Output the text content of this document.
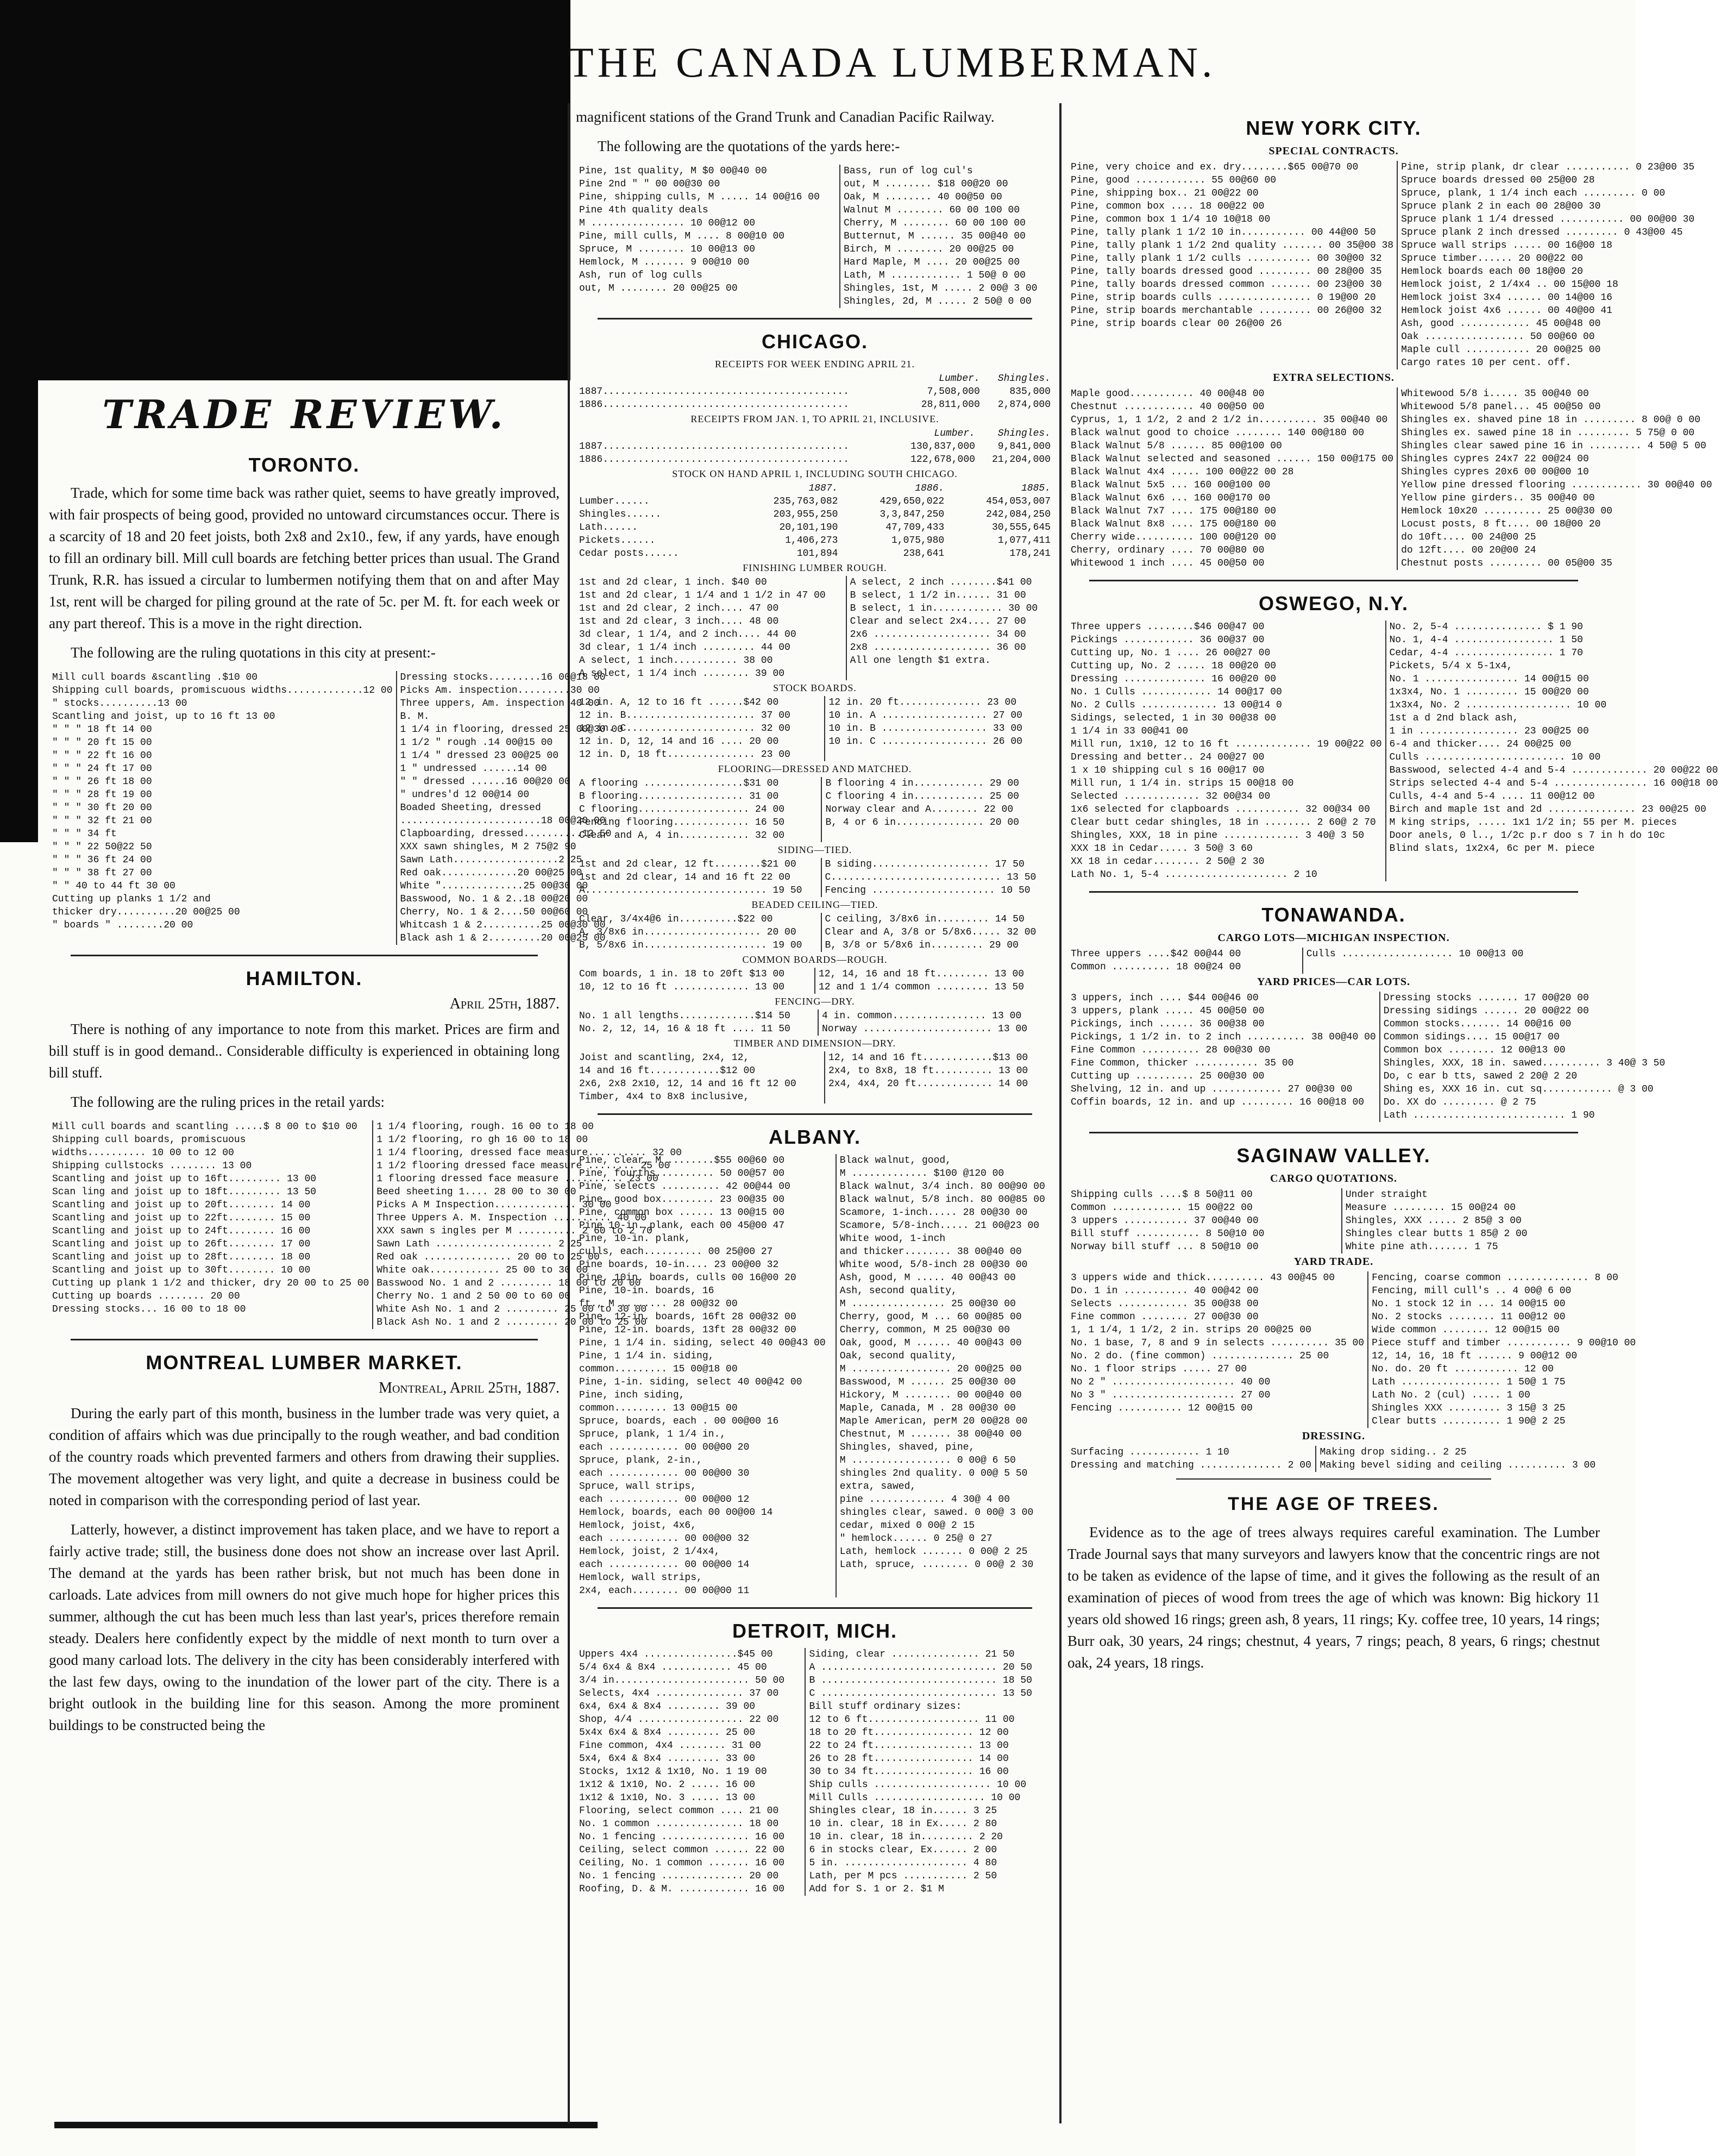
THE CANADA LUMBERMAN.
TRADE REVIEW.
TORONTO.

Trade, which for some time back was rather quiet, seems to have greatly improved, with fair prospects of being good, provided no untoward circumstances occur. There is a scarcity of 18 and 20 feet joists, both 2x8 and 2x10., few, if any yards, have enough to fill an ordinary bill. Mill cull boards are fetching better prices than usual. The Grand Trunk, R.R. has issued a circular to lumbermen notifying them that on and after May 1st, rent will be charged for piling ground at the rate of 5c. per M. ft. for each week or any part thereof. This is a move in the right direction.

The following are the ruling quotations in this city at present:-

Mill cull boards &scantling .$10 00	Dressing stocks.........16 00@18 00
Shipping cull boards, promiscuous widths.............12 00	Picks Am. inspection.........30 00
" stocks..........13 00	Three uppers, Am. inspection 40 00
Scantling and joist, up to 16 ft 13 00	B. M.
" " " 18 ft 14 00	1 1/4 in flooring, dressed 25 00@30 00
" " " 20 ft 15 00	1 1/2 " rough .14 00@15 00
" " " 22 ft 16 00	1 1/4 " dressed 23 00@25 00
" " " 24 ft 17 00	1 " undressed ......14 00
" " " 26 ft 18 00	" " dressed ......16 00@20 00
" " " 28 ft 19 00	" undres'd 12 00@14 00
" " " 30 ft 20 00	Boaded Sheeting, dressed
" " " 32 ft 21 00	........................18 00@20 00
" " " 34 ft	Clapboarding, dressed..........12 50
" " " 22 50@22 50	XXX sawn shingles, M 2 75@2 90
" " " 36 ft 24 00	Sawn Lath..................2 25
" " " 38 ft 27 00	Red oak.............20 00@25 00
" " 40 to 44 ft 30 00	White "..............25 00@30 00
Cutting up planks 1 1/2 and	Basswood, No. 1 & 2..18 00@20 00
thicker dry..........20 00@25 00	Cherry, No. 1 & 2....50 00@60 00
" boards " ........20 00	Whitcash 1 & 2..........25 00@30 00
	Black ash 1 & 2.........20 00@25 00
HAMILTON.
April 25th, 1887.

There is nothing of any importance to note from this market. Prices are firm and bill stuff is in good demand.. Considerable difficulty is experienced in obtaining long bill stuff.

The following are the ruling prices in the retail yards:

Mill cull boards and scantling .....$ 8 00 to $10 00	1 1/4 flooring, rough. 16 00 to 18 00
Shipping cull boards, promiscuous	1 1/2 flooring, ro gh 16 00 to 18 00
widths.......... 10 00 to 12 00	1 1/4 flooring, dressed face measure.......... 32 00
Shipping cullstocks ........ 13 00	1 1/2 flooring dressed face measure ........ 25 00
Scantling and joist up to 16ft......... 13 00	1 flooring dressed face measure .......... 23 00
Scan ling and joist up to 18ft......... 13 50	Beed sheeting 1.... 28 00 to 30 00
Scantling and joist up to 20ft........ 14 00	Picks A M Inspection.............. 30 00
Scantling and joist up to 22ft........ 15 00	Three Uppers A. M. Inspection .......... 40 00
Scantling and joist up to 24ft........ 16 00	XXX sawn s ingles per M .......... 2 60 to 2 70
Scantling and joist up to 26ft........ 17 00	Sawn Lath .................... 2 25
Scantling and joist up to 28ft........ 18 00	Red oak ............... 20 00 to 25 00
Scantling and joist up to 30ft........ 10 00	White oak............ 25 00 to 30 00
Cutting up plank 1 1/2 and thicker, dry 20 00 to 25 00	Basswood No. 1 and 2 ......... 18 00 to 20 00
Cutting up boards ........ 20 00	Cherry No. 1 and 2 50 00 to 60 00
Dressing stocks... 16 00 to 18 00	White Ash No. 1 and 2 ......... 25 00 to 30 00
	Black Ash No. 1 and 2 ......... 20 00 to 25 00
MONTREAL LUMBER MARKET.
Montreal, April 25th, 1887.

During the early part of this month, business in the lumber trade was very quiet, a condition of affairs which was due principally to the rough weather, and bad condition of the country roads which prevented farmers and others from drawing their supplies. The movement altogether was very light, and quite a decrease in business could be noted in comparison with the corresponding period of last year.

Latterly, however, a distinct improvement has taken place, and we have to report a fairly active trade; still, the business done does not show an increase over last April. The demand at the yards has been rather brisk, but not much has been done in carloads. Late advices from mill owners do not give much hope for higher prices this summer, although the cut has been much less than last year's, prices therefore remain steady. Dealers here confidently expect by the middle of next month to turn over a good many carload lots. The delivery in the city has been considerably interfered with the last few days, owing to the inundation of the lower part of the city. There is a bright outlook in the building line for this season. Among the more prominent buildings to be constructed being the

magnificent stations of the Grand Trunk and Canadian Pacific Railway.

The following are the quotations of the yards here:-

Pine, 1st quality, M $0 00@40 00	Bass, run of log cul's
Pine 2nd " " 00 00@30 00	out, M ........ $18 00@20 00
Pine, shipping culls, M ..... 14 00@16 00	Oak, M ........ 40 00@50 00
Pine 4th quality deals	Walnut M ........ 60 00 100 00
M ................ 10 00@12 00	Cherry, M ........ 60 00 100 00
Pine, mill culls, M .... 8 00@10 00	Butternut, M ...... 35 00@40 00
Spruce, M ........ 10 00@13 00	Birch, M ........ 20 00@25 00
Hemlock, M ....... 9 00@10 00	Hard Maple, M .... 20 00@25 00
Ash, run of log culls	Lath, M ............ 1 50@ 0 00
out, M ........ 20 00@25 00	Shingles, 1st, M ..... 2 00@ 3 00
	Shingles, 2d, M ..... 2 50@ 0 00
CHICAGO.
RECEIPTS FOR WEEK ENDING APRIL 21.
	Lumber.	Shingles.
1887..........................................	7,508,000	835,000
1886..........................................	28,811,000	2,874,000
RECEIPTS FROM JAN. 1, TO APRIL 21, INCLUSIVE.
	Lumber.	Shingles.
1887..........................................	130,837,000	9,841,000
1886..........................................	122,678,000	21,204,000
STOCK ON HAND APRIL 1, INCLUDING SOUTH CHICAGO.
	1887.	1886.	1885.
Lumber......	235,763,082	429,650,022	454,053,007
Shingles......	203,955,250	3,3,847,250	242,084,250
Lath......	20,101,190	47,709,433	30,555,645
Pickets......	1,406,273	1,075,980	1,077,411
Cedar posts......	101,894	238,641	178,241
FINISHING LUMBER ROUGH.
1st and 2d clear, 1 inch. $40 00	A select, 2 inch ........$41 00
1st and 2d clear, 1 1/4 and 1 1/2 in 47 00	B select, 1 1/2 in...... 31 00
1st and 2d clear, 2 inch.... 47 00	B select, 1 in............ 30 00
1st and 2d clear, 3 inch.... 48 00	Clear and select 2x4.... 27 00
3d clear, 1 1/4, and 2 inch.... 44 00	2x6 .................... 34 00
3d clear, 1 1/4 inch ......... 44 00	2x8 .................... 36 00
A select, 1 inch........... 38 00	All one length $1 extra.
A select, 1 1/4 inch ........ 39 00	
STOCK BOARDS.
12 in. A, 12 to 16 ft ......$42 00	12 in. 20 ft.............. 23 00
12 in. B...................... 37 00	10 in. A .................. 27 00
12 in. C...................... 32 00	10 in. B .................. 33 00
12 in. D, 12, 14 and 16 .... 20 00	10 in. C .................. 26 00
12 in. D, 18 ft............... 23 00	
FLOORING—DRESSED AND MATCHED.
A flooring .................$31 00	B flooring 4 in............ 29 00
B flooring.................. 31 00	C flooring 4 in............ 25 00
C flooring................... 24 00	Norway clear and A........ 22 00
Fencing flooring............. 16 50	B, 4 or 6 in............... 20 00
Clear and A, 4 in............ 32 00	
SIDING—TIED.
1st and 2d clear, 12 ft........$21 00	B siding.................... 17 50
1st and 2d clear, 14 and 16 ft 22 00	C............................. 13 50
A............................... 19 50	Fencing ..................... 10 50
BEADED CEILING—TIED.
Clear, 3/4x4@6 in..........$22 00	C ceiling, 3/8x6 in......... 14 50
A, 3/8x6 in.................... 20 00	Clear and A, 3/8 or 5/8x6..... 32 00
B, 5/8x6 in..................... 19 00	B, 3/8 or 5/8x6 in......... 29 00
COMMON BOARDS—ROUGH.
Com boards, 1 in. 18 to 20ft $13 00	12, 14, 16 and 18 ft......... 13 00
10, 12 to 16 ft ............. 13 00	12 and 1 1/4 common ......... 13 50
FENCING—DRY.
No. 1 all lengths.............$14 50	4 in. common................ 13 00
No. 2, 12, 14, 16 & 18 ft .... 11 50	Norway ...................... 13 00
TIMBER AND DIMENSION—DRY.
Joist and scantling, 2x4, 12,	12, 14 and 16 ft............$13 00
14 and 16 ft............$12 00	2x4, to 8x8, 18 ft.......... 13 00
2x6, 2x8 2x10, 12, 14 and 16 ft 12 00	2x4, 4x4, 20 ft............. 14 00
Timber, 4x4 to 8x8 inclusive,	
ALBANY.
Pine, clear, M ........$55 00@60 00	Black walnut, good,
Pine, fourths.......... 50 00@57 00	M ............. $100 @120 00
Pine, selects .......... 42 00@44 00	Black walnut, 3/4 inch. 80 00@90 00
Pine, good box......... 23 00@35 00	Black walnut, 5/8 inch. 80 00@85 00
Pine, common box ...... 13 00@15 00	Scamore, 1-inch..... 28 00@30 00
Pine 10-in. plank, each 00 45@00 47	Scamore, 5/8-inch..... 21 00@23 00
Pine, 10-in. plank,	White wood, 1-inch
culls, each.......... 00 25@00 27	and thicker........ 38 00@40 00
Pine boards, 10-in.... 23 00@00 32	White wood, 5/8-inch 28 00@30 00
Pine, 10in. boards, culls 00 16@00 20	Ash, good, M ..... 40 00@43 00
Pine, 10-in. boards, 16	Ash, second quality,
ft., M ........ 28 00@32 00	M ................ 25 00@30 00
Pine, 12-in. boards, 16ft 28 00@32 00	Cherry, good, M ... 60 00@85 00
Pine, 12-in. boards, 13ft 28 00@32 00	Cherry, common, M 25 00@30 00
Pine, 1 1/4 in. siding, select 40 00@43 00	Oak, good, M ...... 40 00@43 00
Pine, 1 1/4 in. siding,	Oak, second quality,
common......... 15 00@18 00	M ................. 20 00@25 00
Pine, 1-in. siding, select 40 00@42 00	Basswood, M ...... 25 00@30 00
Pine, inch siding,	Hickory, M ........ 00 00@40 00
common......... 13 00@15 00	Maple, Canada, M . 28 00@30 00
Spruce, boards, each . 00 00@00 16	Maple American, perM 20 00@28 00
Spruce, plank, 1 1/4 in.,	Chestnut, M ....... 38 00@40 00
each ............ 00 00@00 20	Shingles, shaved, pine,
Spruce, plank, 2-in.,	M ................. 0 00@ 6 50
each ............ 00 00@00 30	shingles 2nd quality. 0 00@ 5 50
Spruce, wall strips,	extra, sawed,
each ............ 00 00@00 12	pine ............. 4 30@ 4 00
Hemlock, boards, each 00 00@00 14	shingles clear, sawed. 0 00@ 3 00
Hemlock, joist, 4x6,	cedar, mixed 0 00@ 2 15
each ............ 00 00@00 32	" hemlock...... 0 25@ 0 27
Hemlock, joist, 2 1/4x4,	Lath, hemlock ....... 0 00@ 2 25
each ............ 00 00@00 14	Lath, spruce, ........ 0 00@ 2 30
Hemlock, wall strips,	
2x4, each........ 00 00@00 11	
DETROIT, MICH.
Uppers 4x4 ................$45 00	Siding, clear ............... 21 50
5/4 6x4 & 8x4 ............ 45 00	A .............................. 20 50
3/4 in....................... 50 00	B .............................. 18 50
Selects, 4x4 ............... 37 00	C .............................. 13 50
6x4, 6x4 & 8x4 ......... 39 00	Bill stuff ordinary sizes:
Shop, 4/4 .................. 22 00	12 to 6 ft................... 11 00
5x4x 6x4 & 8x4 ......... 25 00	18 to 20 ft................. 12 00
Fine common, 4x4 ........ 31 00	22 to 24 ft................. 13 00
5x4, 6x4 & 8x4 ......... 33 00	26 to 28 ft................. 14 00
Stocks, 1x12 & 1x10, No. 1 19 00	30 to 34 ft................. 16 00
1x12 & 1x10, No. 2 ..... 16 00	Ship culls .................... 10 00
1x12 & 1x10, No. 3 ..... 13 00	Mill Culls ................... 10 00
Flooring, select common .... 21 00	Shingles clear, 18 in...... 3 25
No. 1 common ............... 18 00	10 in. clear, 18 in Ex..... 2 80
No. 1 fencing ............... 16 00	10 in. clear, 18 in......... 2 20
Ceiling, select common ...... 22 00	6 in stocks clear, Ex...... 2 00
Ceiling, No. 1 common ....... 16 00	5 in. ..................... 4 80
No. 1 fencing .............. 20 00	Lath, per M pcs ........... 2 50
Roofing, D. & M. ............ 16 00	Add for S. 1 or 2. $1 M
NEW YORK CITY.
SPECIAL CONTRACTS.
Pine, very choice and ex. dry........$65 00@70 00	Pine, strip plank, dr clear ........... 0 23@00 35
Pine, good ............ 55 00@60 00	Spruce boards dressed 00 25@00 28
Pine, shipping box.. 21 00@22 00	Spruce, plank, 1 1/4 inch each ......... 0 00
Pine, common box .... 18 00@22 00	Spruce plank 2 in each 00 28@00 30
Pine, common box 1 1/4 10 10@18 00	Spruce plank 1 1/4 dressed ........... 00 00@00 30
Pine, tally plank 1 1/2 10 in........... 00 44@00 50	Spruce plank 2 inch dressed ......... 0 43@00 45
Pine, tally plank 1 1/2 2nd quality ....... 00 35@00 38	Spruce wall strips ..... 00 16@00 18
Pine, tally plank 1 1/2 culls ........... 00 30@00 32	Spruce timber...... 20 00@22 00
Pine, tally boards dressed good ......... 00 28@00 35	Hemlock boards each 00 18@00 20
Pine, tally boards dressed common ....... 00 23@00 30	Hemlock joist, 2 1/4x4 .. 00 15@00 18
Pine, strip boards culls ................ 0 19@00 20	Hemlock joist 3x4 ...... 00 14@00 16
Pine, strip boards merchantable ......... 00 26@00 32	Hemlock joist 4x6 ...... 00 40@00 41
Pine, strip boards clear 00 26@00 26	Ash, good ............ 45 00@48 00
	Oak ................. 50 00@60 00
	Maple cull ........... 20 00@25 00
	Cargo rates 10 per cent. off.
EXTRA SELECTIONS.
Maple good........... 40 00@48 00	Whitewood 5/8 i..... 35 00@40 00
Chestnut ............ 40 00@50 00	Whitewood 5/8 panel... 45 00@50 00
Cyprus, 1, 1 1/2, 2 and 2 1/2 in.......... 35 00@40 00	Shingles ex. shaved pine 18 in ......... 8 00@ 0 00
Black walnut good to choice ........ 140 00@180 00	Shingles ex. sawed pine 18 in ......... 5 75@ 0 00
Black Walnut 5/8 ...... 85 00@100 00	Shingles clear sawed pine 16 in ......... 4 50@ 5 00
Black Walnut selected and seasoned ...... 150 00@175 00	Shingles cypres 24x7 22 00@24 00
Black Walnut 4x4 ..... 100 00@22 00 28	Shingles cypres 20x6 00 00@00 10
Black Walnut 5x5 ... 160 00@100 00	Yellow pine dressed flooring ............ 30 00@40 00
Black Walnut 6x6 ... 160 00@170 00	Yellow pine girders.. 35 00@40 00
Black Walnut 7x7 .... 175 00@180 00	Hemlock 10x20 .......... 25 00@30 00
Black Walnut 8x8 .... 175 00@180 00	Locust posts, 8 ft.... 00 18@00 20
Cherry wide.......... 100 00@120 00	do 10ft.... 00 24@00 25
Cherry, ordinary .... 70 00@80 00	do 12ft.... 00 20@00 24
Whitewood 1 inch .... 45 00@50 00	Chestnut posts ......... 00 05@00 35
OSWEGO, N.Y.
Three uppers ........$46 00@47 00	No. 2, 5-4 ............... $ 1 90
Pickings ............ 36 00@37 00	No. 1, 4-4 ................. 1 50
Cutting up, No. 1 .... 26 00@27 00	Cedar, 4-4 ................. 1 70
Cutting up, No. 2 ..... 18 00@20 00	Pickets, 5/4 x 5-1x4,
Dressing .............. 16 00@20 00	No. 1 ................ 14 00@15 00
No. 1 Culls ............ 14 00@17 00	1x3x4, No. 1 ......... 15 00@20 00
No. 2 Culls ............. 13 00@14 0	1x3x4, No. 2 .................. 10 00
Sidings, selected, 1 in 30 00@38 00	1st a d 2nd black ash,
1 1/4 in 33 00@41 00	1 in ................. 23 00@25 00
Mill run, 1x10, 12 to 16 ft ............. 19 00@22 00	6-4 and thicker.... 24 00@25 00
Dressing and better.. 24 00@27 00	Culls ........................ 10 00
1 x 10 shipping cul s 16 00@17 00	Basswood, selected 4-4 and 5-4 ............. 20 00@22 00
Mill run, 1 1/4 in. strips 15 00@18 00	Strips selected 4-4 and 5-4 ................ 16 00@18 00
Selected ............. 32 00@34 00	Culls, 4-4 and 5-4 .... 11 00@12 00
1x6 selected for clapboards ........... 32 00@34 00	Birch and maple 1st and 2d ............... 23 00@25 00
Clear butt cedar shingles, 18 in ........ 2 60@ 2 70	M king strips, ..... 1x1 1/2 in; 55 per M. pieces
Shingles, XXX, 18 in pine ............. 3 40@ 3 50	Door anels, 0 l.., 1/2c p.r doo s 7 in h do 10c
XXX 18 in Cedar..... 3 50@ 3 60	Blind slats, 1x2x4, 6c per M. piece
XX 18 in cedar........ 2 50@ 2 30	
Lath No. 1, 5-4 ..................... 2 10	
TONAWANDA.
CARGO LOTS—MICHIGAN INSPECTION.
Three uppers ....$42 00@44 00	Culls ................... 10 00@13 00
Common .......... 18 00@24 00	
YARD PRICES—CAR LOTS.
3 uppers, inch .... $44 00@46 00	Dressing stocks ....... 17 00@20 00
3 uppers, plank ..... 45 00@50 00	Dressing sidings ...... 20 00@22 00
Pickings, inch ...... 36 00@38 00	Common stocks....... 14 00@16 00
Pickings, 1 1/2 in. to 2 inch .......... 38 00@40 00	Common sidings.... 15 00@17 00
Fine Common .......... 28 00@30 00	Common box ........ 12 00@13 00
Fine Common, thicker ........... 35 00	Shingles, XXX, 18 in. sawed.......... 3 40@ 3 50
Cutting up .......... 25 00@30 00	Do, c ear b tts, sawed 2 20@ 2 20
Shelving, 12 in. and up ............ 27 00@30 00	Shing es, XXX 16 in. cut sq............ @ 3 00
Coffin boards, 12 in. and up ......... 16 00@18 00	Do. XX do ......... @ 2 75
	Lath .......................... 1 90
SAGINAW VALLEY.
CARGO QUOTATIONS.
Shipping culls ....$ 8 50@11 00	Under straight
Common ............ 15 00@22 00	Measure ......... 15 00@24 00
3 uppers ........... 37 00@40 00	Shingles, XXX ..... 2 85@ 3 00
Bill stuff ........... 8 50@10 00	Shingles clear butts 1 85@ 2 00
Norway bill stuff ... 8 50@10 00	White pine ath....... 1 75
YARD TRADE.
3 uppers wide and thick.......... 43 00@45 00	Fencing, coarse common .............. 8 00
Do. 1 in ........... 40 00@42 00	Fencing, mill cull's .. 4 00@ 6 00
Selects ............ 35 00@38 00	No. 1 stock 12 in ... 14 00@15 00
Fine common ........ 27 00@30 00	No. 2 stocks ........ 11 00@12 00
1, 1 1/4, 1 1/2, 2 in. strips 20 00@25 00	Wide common ........ 12 00@15 00
No. 1 base, 7, 8 and 9 in selects .......... 35 00	Piece stuff and timber ........... 9 00@10 00
No. 2 do. (fine common) .............. 25 00	12, 14, 16, 18 ft ...... 9 00@12 00
No. 1 floor strips ..... 27 00	No. do. 20 ft ........... 12 00
No 2 " ..................... 40 00	Lath ................. 1 50@ 1 75
No 3 " ..................... 27 00	Lath No. 2 (cul) ..... 1 00
Fencing ........... 12 00@15 00	Shingles XXX ......... 3 15@ 3 25
	Clear butts .......... 1 90@ 2 25
DRESSING.
Surfacing ............ 1 10	Making drop siding.. 2 25
Dressing and matching .............. 2 00	Making bevel siding and ceiling .......... 3 00
THE AGE OF TREES.

Evidence as to the age of trees always requires careful examination. The Lumber Trade Journal says that many surveyors and lawyers know that the concentric rings are not to be taken as evidence of the lapse of time, and it gives the following as the result of an examination of pieces of wood from trees the age of which was known: Big hickory 11 years old showed 16 rings; green ash, 8 years, 11 rings; Ky. coffee tree, 10 years, 14 rings; Burr oak, 30 years, 24 rings; chestnut, 4 years, 7 rings; peach, 8 years, 6 rings; chestnut oak, 24 years, 18 rings.
